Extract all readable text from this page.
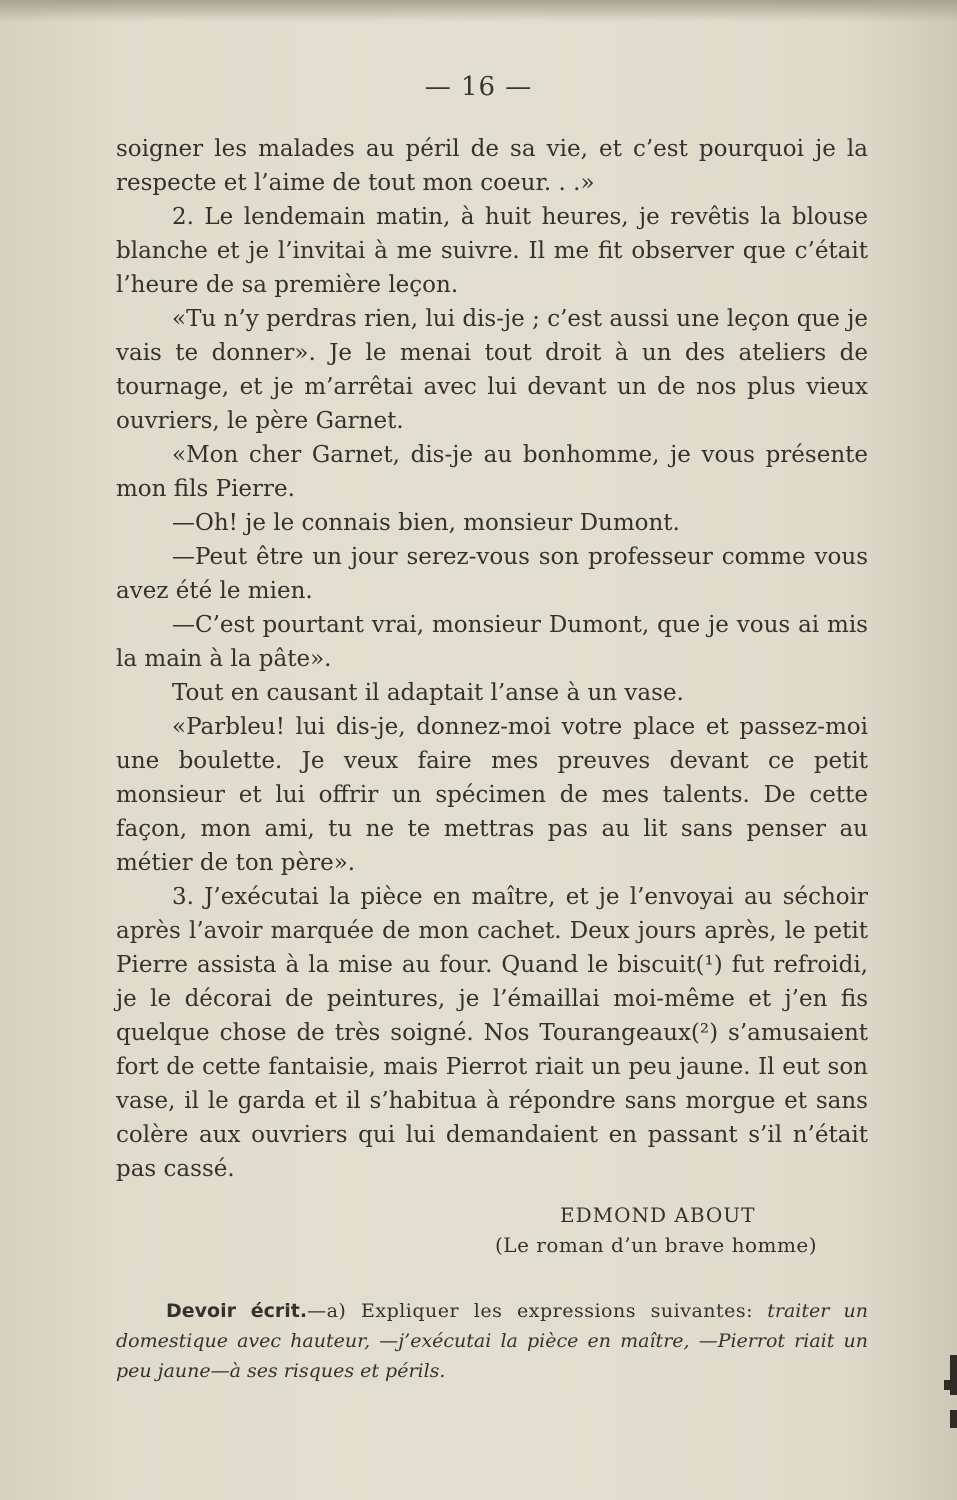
— 16 —

soigner les malades au péril de sa vie, et c’est pourquoi je la respecte et l’aime de tout mon coeur. . .»

2. Le lendemain matin, à huit heures, je revêtis la blouse blanche et je l’invitai à me suivre. Il me fit observer que c’était l’heure de sa première leçon.

«Tu n’y perdras rien, lui dis-je ; c’est aussi une leçon que je vais te donner». Je le menai tout droit à un des ateliers de tournage, et je m’arrêtai avec lui devant un de nos plus vieux ouvriers, le père Garnet.

«Mon cher Garnet, dis-je au bonhomme, je vous présente mon fils Pierre.

—Oh! je le connais bien, monsieur Dumont.

—Peut être un jour serez-vous son professeur comme vous avez été le mien.

—C’est pourtant vrai, monsieur Dumont, que je vous ai mis la main à la pâte».

Tout en causant il adaptait l’anse à un vase.

«Parbleu! lui dis-je, donnez-moi votre place et passez-moi une boulette. Je veux faire mes preuves devant ce petit monsieur et lui offrir un spécimen de mes talents. De cette façon, mon ami, tu ne te mettras pas au lit sans penser au métier de ton père».

3. J’exécutai la pièce en maître, et je l’envoyai au séchoir après l’avoir marquée de mon cachet. Deux jours après, le petit Pierre assista à la mise au four. Quand le biscuit(¹) fut refroidi, je le décorai de peintures, je l’émaillai moi-même et j’en fis quelque chose de très soigné. Nos Tourangeaux(²) s’amusaient fort de cette fantaisie, mais Pierrot riait un peu jaune. Il eut son vase, il le garda et il s’habitua à répondre sans morgue et sans colère aux ouvriers qui lui demandaient en passant s’il n’était pas cassé.

EDMOND ABOUT
(Le roman d’un brave homme)
Devoir écrit.—a) Expliquer les expressions suivantes: traiter un domestique avec hauteur, —j’exécutai la pièce en maître, —Pierrot riait un peu jaune—à ses risques et périls.
